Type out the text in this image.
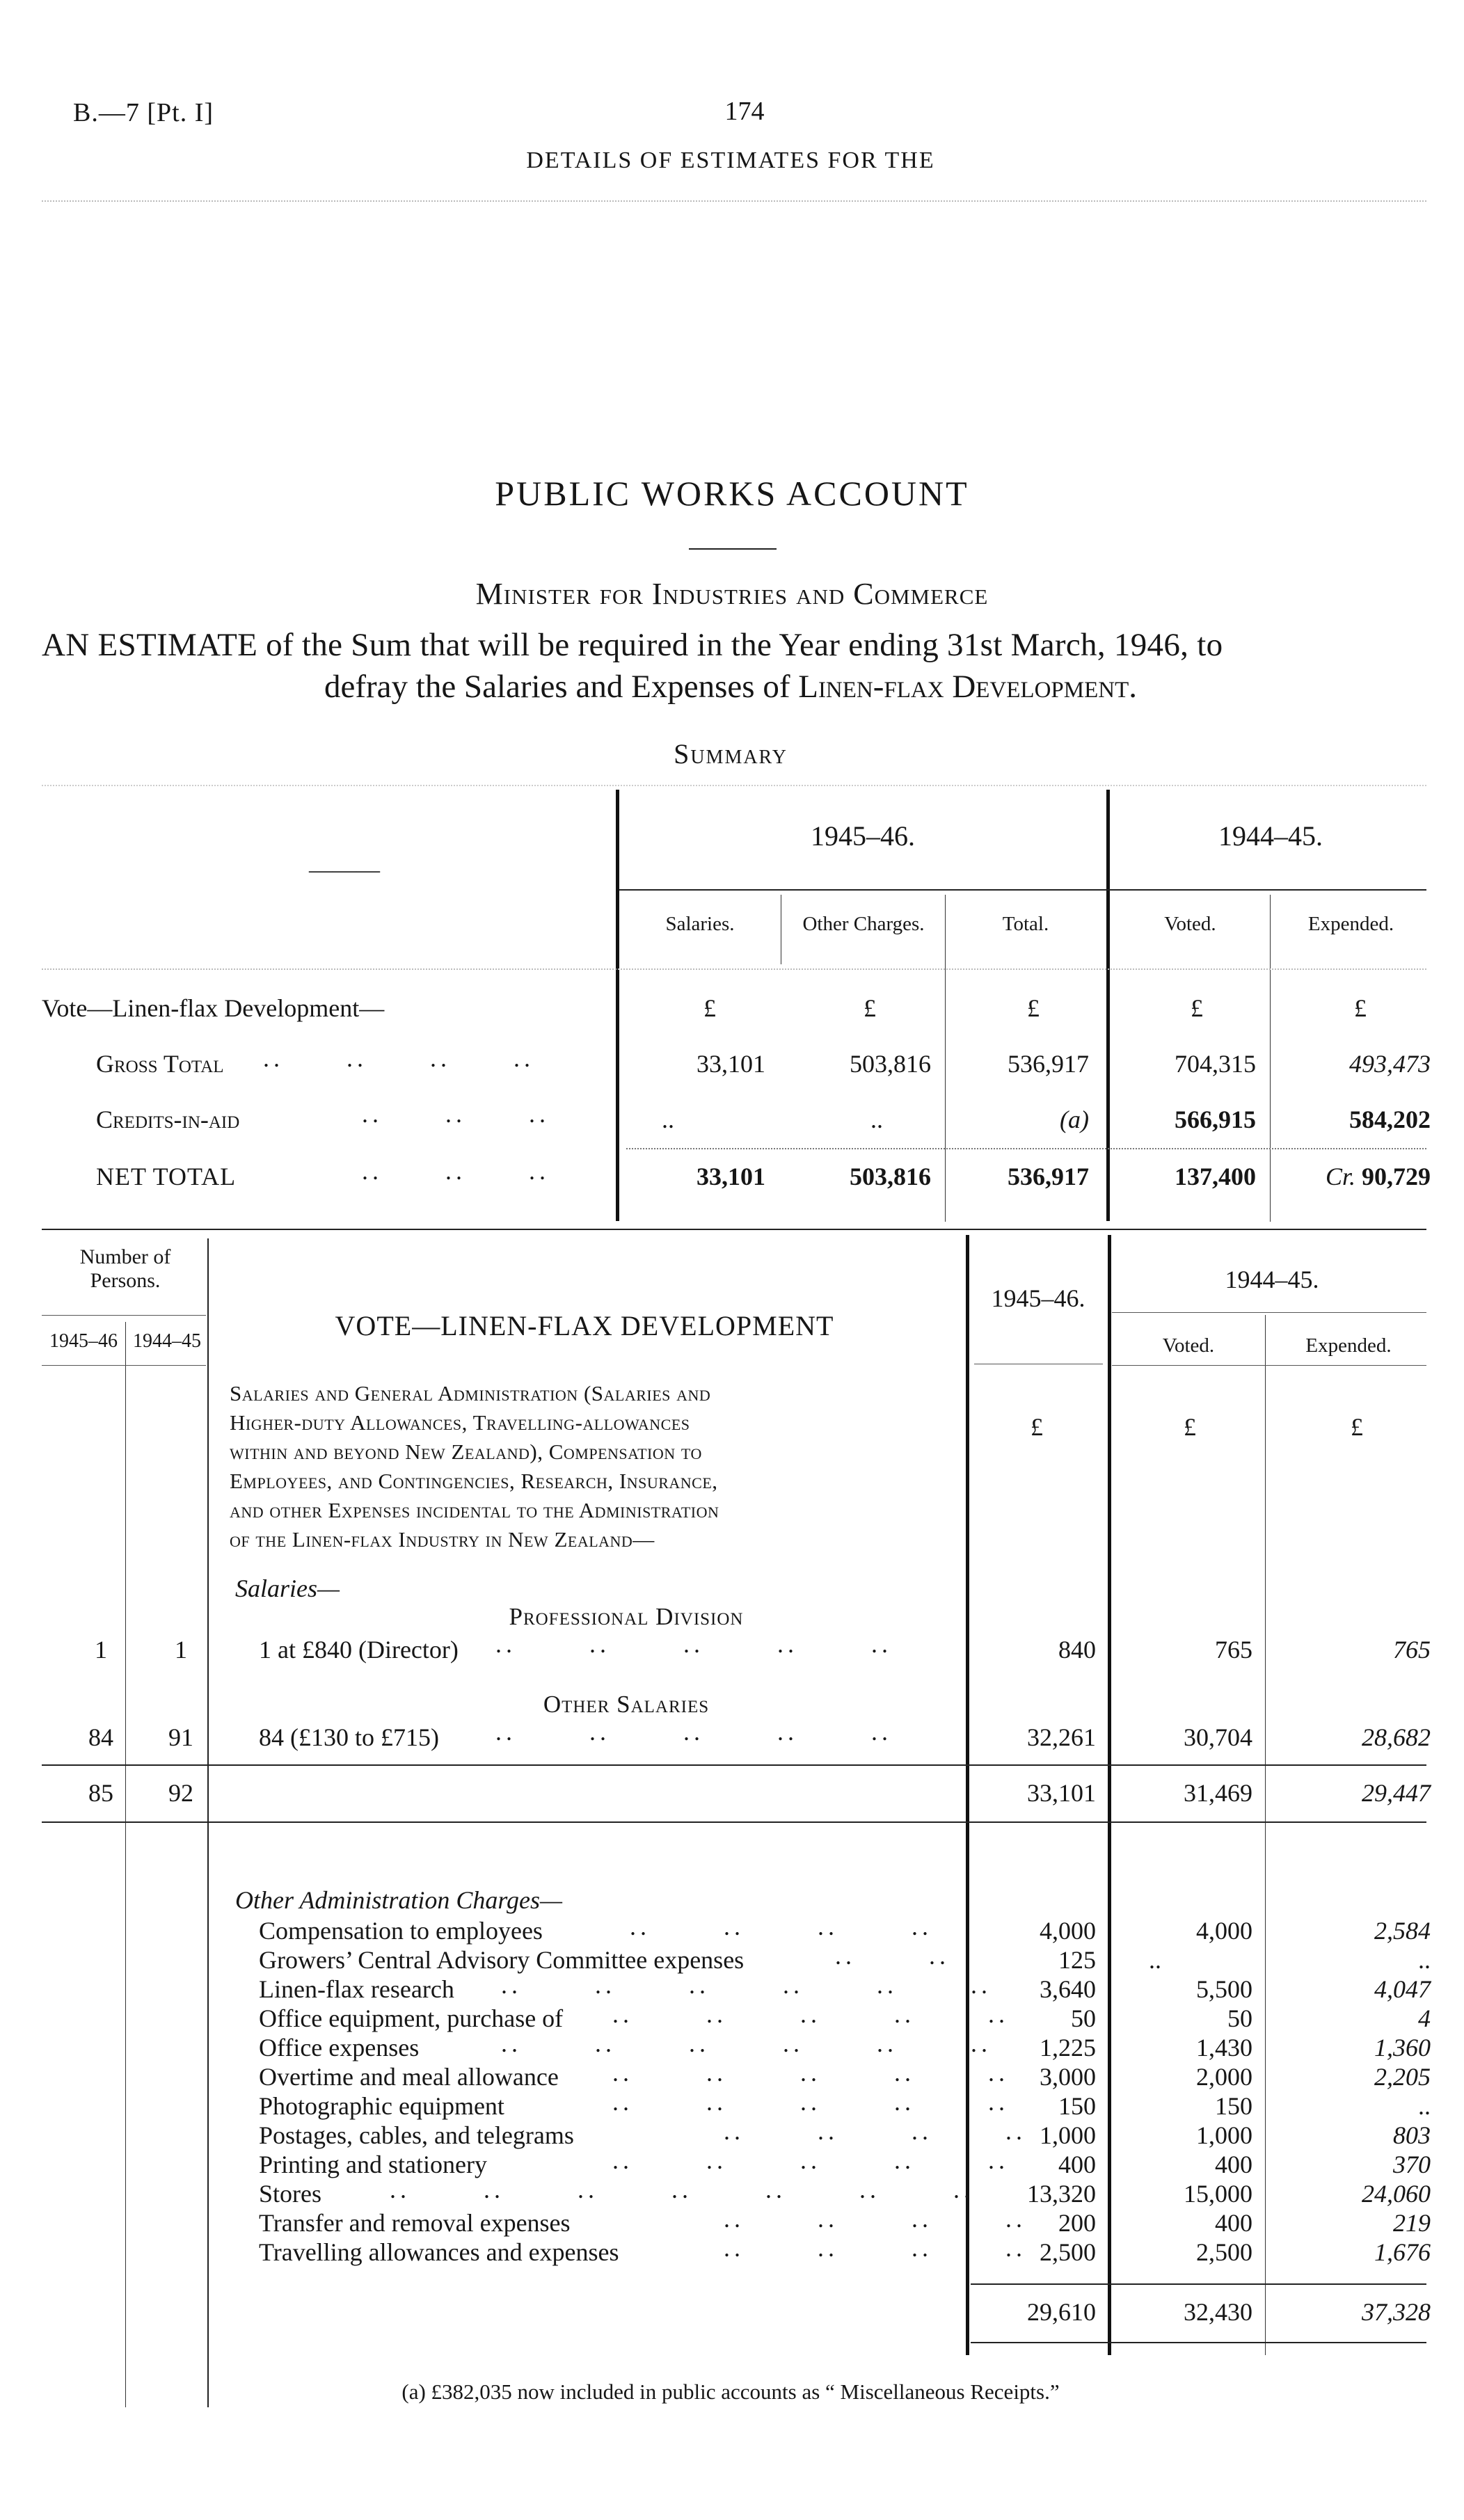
B.—7 [Pt. I]	174
DETAILS OF ESTIMATES FOR THE
PUBLIC WORKS ACCOUNT
Minister for Industries and Commerce
AN ESTIMATE of the Sum that will be required in the Year ending 31st March, 1946, to
defray the Salaries and Expenses of Linen-flax Development.
Summary
———
1945–46.	1944–45.
Salaries.	Other Charges.	Total.	Voted.	Expended.
Vote—Linen-flax Development—	£	£	£	£	£
Gross Total ..      ..      ..      ..	33,101	503,816	536,917	704,315	493,473
Credits-in-aid	..      ..      ..	..	..	(a)	566,915	584,202
NET TOTAL	..      ..      ..	33,101	503,816	536,917	137,400	Cr. 90,729
Number of Persons.
1945–46 1944–45	VOTE—LINEN-FLAX DEVELOPMENT
1945–46.
1944–45.
Voted.	Expended.
Salaries and General Administration (Salaries and
Higher-duty Allowances, Travelling-allowances
within and beyond New Zealand), Compensation to
Employees, and Contingencies, Research, Insurance,
and other Expenses incidental to the Administration
of the Linen-flax Industry in New Zealand—
£	£	£
Salaries—
Professional Division
1	1	1 at £840 (Director) ..       ..       ..       ..       ..	840	765	765
Other Salaries
84	91	84 (£130 to £715) ..       ..       ..       ..       ..	32,261	30,704	28,682
85	92	33,101	31,469	29,447
Other Administration Charges—
Compensation to employees	..       ..       ..       ..	4,000	4,000	2,584
Growers’ Central Advisory Committee expenses	..       ..	125	..	..
Linen-flax research ..       ..       ..       ..       ..       ..	3,640	5,500	4,047
Office equipment, purchase of ..       ..       ..       ..       ..	50	50	4
Office expenses	..       ..       ..       ..       ..       ..	1,225	1,430	1,360
Overtime and meal allowance ..       ..       ..       ..       ..	3,000	2,000	2,205
Photographic equipment	..       ..       ..       ..       ..	150	150	..
Postages, cables, and telegrams	..       ..       ..       .. 1,000	1,000	803
Printing and stationery	..       ..       ..       ..       ..	400	400	370
Stores	..       ..       ..       ..       ..       ..       ..	13,320	15,000	24,060
Transfer and removal expenses	..       ..       ..       ..	200	400	219
Travelling allowances and expenses	..       ..       ..       .. 2,500	2,500	1,676
29,610	32,430	37,328
(a) £382,035 now included in public accounts as “ Miscellaneous Receipts.”
